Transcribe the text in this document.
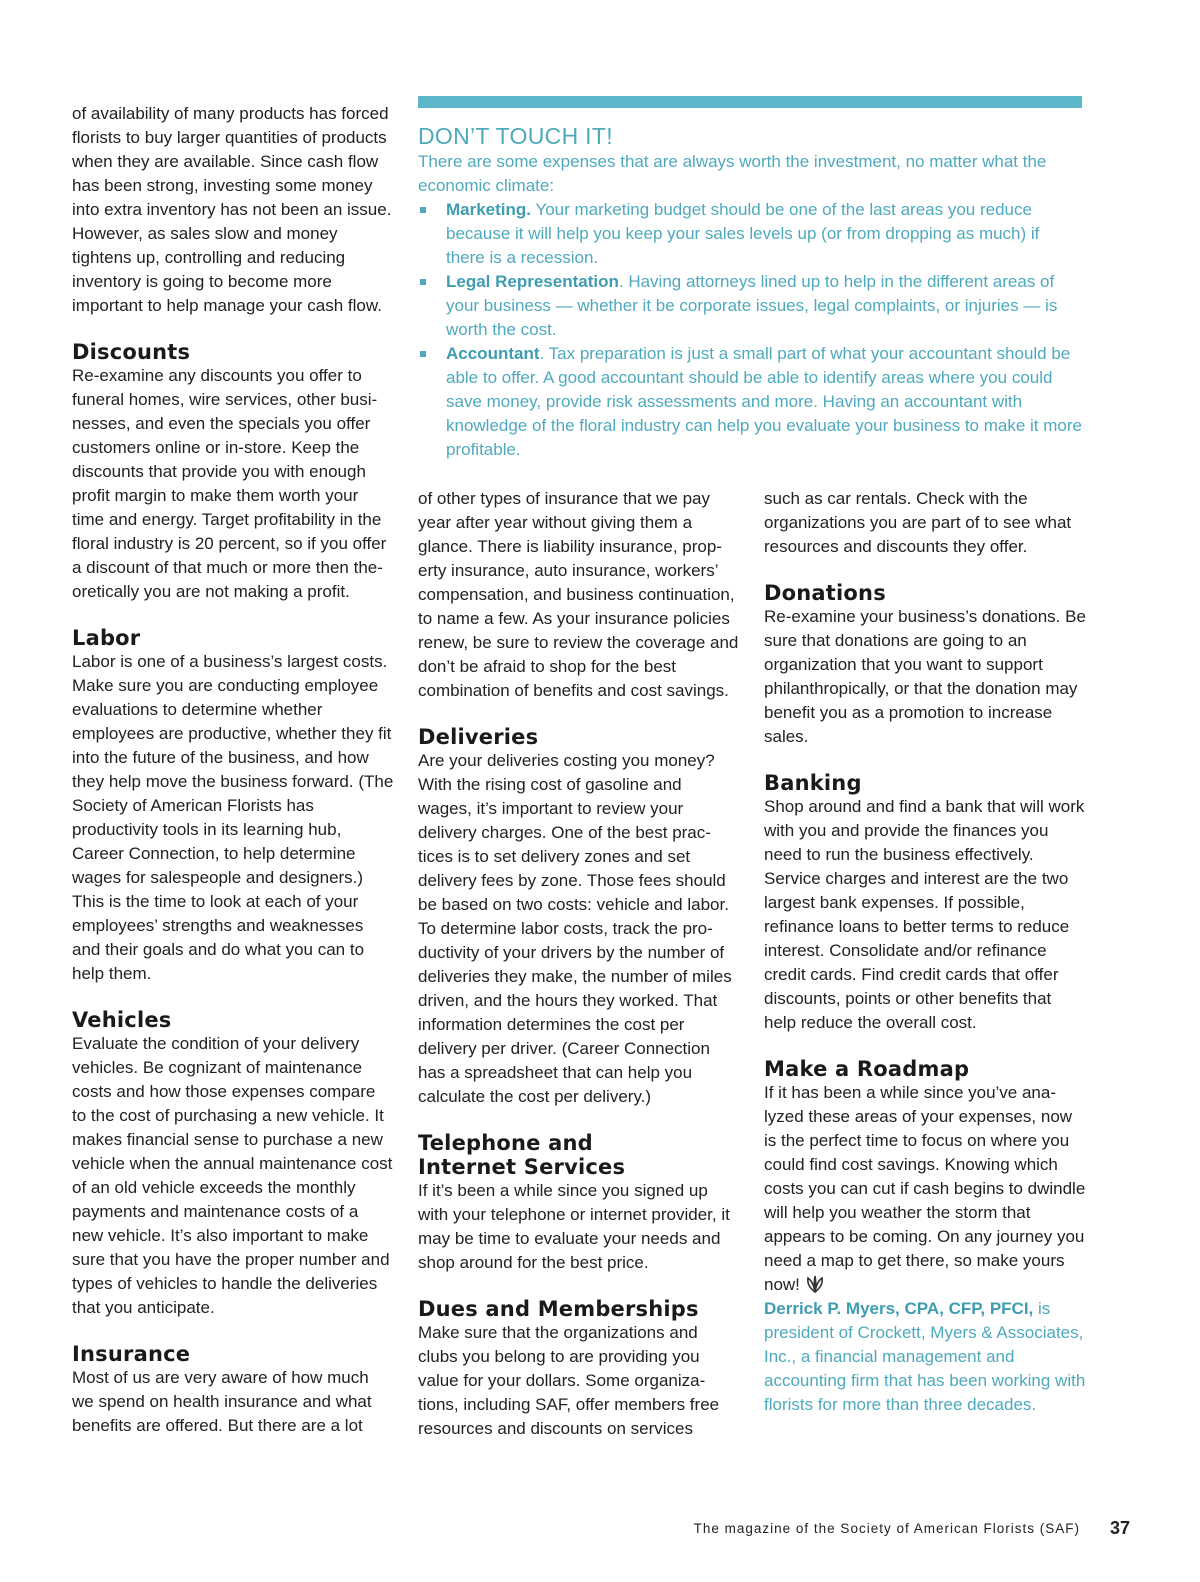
of availability of many products has forced florists to buy larger quantities of products when they are available. Since cash flow has been strong, investing some money into extra inventory has not been an issue. However, as sales slow and money tightens up, controlling and reducing inventory is going to become more important to help manage your cash flow.

Discounts

Re-examine any discounts you offer to funeral homes, wire services, other businesses, and even the specials you offer customers online or in-store. Keep the discounts that provide you with enough profit margin to make them worth your time and energy. Target profitability in the floral industry is 20 percent, so if you offer a discount of that much or more then theoretically you are not making a profit.

Labor

Labor is one of a business’s largest costs. Make sure you are conducting employee evaluations to determine whether employees are productive, whether they fit into the future of the business, and how they help move the business forward. (The Society of American Florists has productivity tools in its learning hub, Career Connection, to help determine wages for salespeople and designers.) This is the time to look at each of your employees’ strengths and weaknesses and their goals and do what you can to help them.

Vehicles

Evaluate the condition of your delivery vehicles. Be cognizant of maintenance costs and how those expenses compare to the cost of purchasing a new vehicle. It makes financial sense to purchase a new vehicle when the annual maintenance cost of an old vehicle exceeds the monthly payments and maintenance costs of a new vehicle. It’s also important to make sure that you have the proper number and types of vehicles to handle the deliveries that you anticipate.

Insurance

Most of us are very aware of how much we spend on health insurance and what benefits are offered. But there are a lot

DON’T TOUCH IT!

There are some expenses that are always worth the investment, no matter what the economic climate:

Marketing. Your marketing budget should be one of the last areas you reduce because it will help you keep your sales levels up (or from dropping as much) if there is a recession.
Legal Representation. Having attorneys lined up to help in the different areas of your business — whether it be corporate issues, legal complaints, or injuries — is worth the cost.
Accountant. Tax preparation is just a small part of what your accountant should be able to offer. A good accountant should be able to identify areas where you could save money, provide risk assessments and more. Having an accountant with knowledge of the floral industry can help you evaluate your business to make it more profitable.

of other types of insurance that we pay year after year without giving them a glance. There is liability insurance, property insurance, auto insurance, workers’ compensation, and business continuation, to name a few. As your insurance policies renew, be sure to review the coverage and don’t be afraid to shop for the best combination of benefits and cost savings.

Deliveries

Are your deliveries costing you money? With the rising cost of gasoline and wages, it’s important to review your delivery charges. One of the best practices is to set delivery zones and set delivery fees by zone. Those fees should be based on two costs: vehicle and labor. To determine labor costs, track the productivity of your drivers by the number of deliveries they make, the number of miles driven, and the hours they worked. That information determines the cost per delivery per driver. (Career Connection has a spreadsheet that can help you calculate the cost per delivery.)

Telephone and
Internet Services

If it’s been a while since you signed up with your telephone or internet provider, it may be time to evaluate your needs and shop around for the best price.

Dues and Memberships

Make sure that the organizations and clubs you belong to are providing you value for your dollars. Some organizations, including SAF, offer members free resources and discounts on services

such as car rentals. Check with the organizations you are part of to see what resources and discounts they offer.

Donations

Re-examine your business’s donations. Be sure that donations are going to an organization that you want to support philanthropically, or that the donation may benefit you as a promotion to increase sales.

Banking

Shop around and find a bank that will work with you and provide the finances you need to run the business effectively. Service charges and interest are the two largest bank expenses. If possible, refinance loans to better terms to reduce interest. Consolidate and/or refinance credit cards. Find credit cards that offer discounts, points or other benefits that help reduce the overall cost.

Make a Roadmap

If it has been a while since you’ve analyzed these areas of your expenses, now is the perfect time to focus on where you could find cost savings. Knowing which costs you can cut if cash begins to dwindle will help you weather the storm that appears to be coming. On any journey you need a map to get there, so make yours now!

Derrick P. Myers, CPA, CFP, PFCI, is president of Crockett, Myers & Associates, Inc., a financial management and accounting firm that has been working with florists for more than three decades.

The magazine of the Society of American Florists (SAF) 37
